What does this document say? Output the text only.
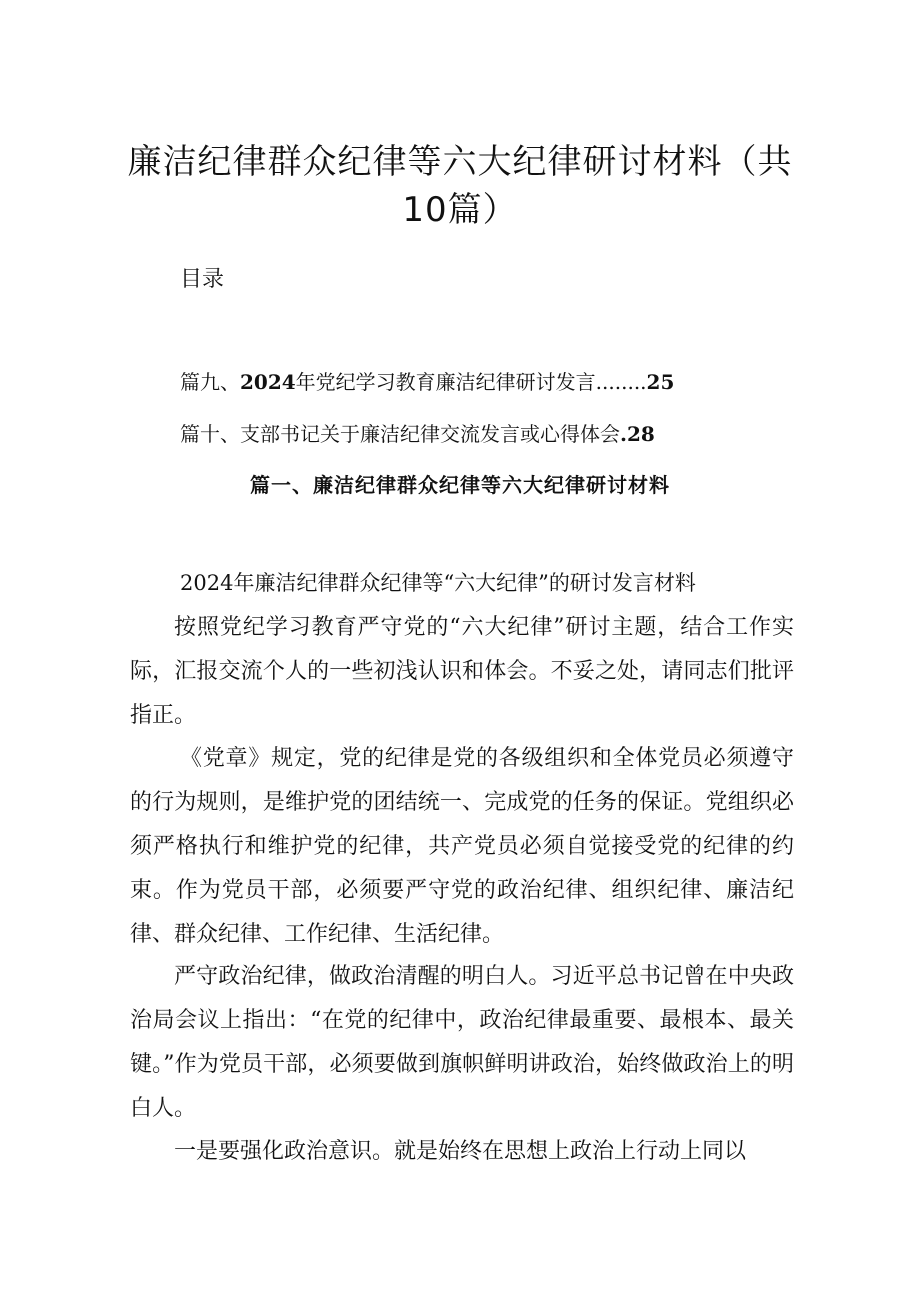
廉洁纪律群众纪律等六大纪律研讨材料（共10篇）
目录
篇九、2024年党纪学习教育廉洁纪律研讨发言........25
篇十、支部书记关于廉洁纪律交流发言或心得体会.28
篇一、廉洁纪律群众纪律等六大纪律研讨材料
2024年廉洁纪律群众纪律等“六大纪律”的研讨发言材料
按照党纪学习教育严守党的“六大纪律”研讨主题，结合工作实际，汇报交流个人的一些初浅认识和体会。不妥之处，请同志们批评指正。
《党章》规定，党的纪律是党的各级组织和全体党员必须遵守的行为规则，是维护党的团结统一、完成党的任务的保证。党组织必须严格执行和维护党的纪律，共产党员必须自觉接受党的纪律的约束。作为党员干部，必须要严守党的政治纪律、组织纪律、廉洁纪律、群众纪律、工作纪律、生活纪律。
严守政治纪律，做政治清醒的明白人。习近平总书记曾在中央政治局会议上指出：“在党的纪律中，政治纪律最重要、最根本、最关键。”作为党员干部，必须要做到旗帜鲜明讲政治，始终做政治上的明白人。
一是要强化政治意识。就是始终在思想上政治上行动上同以
